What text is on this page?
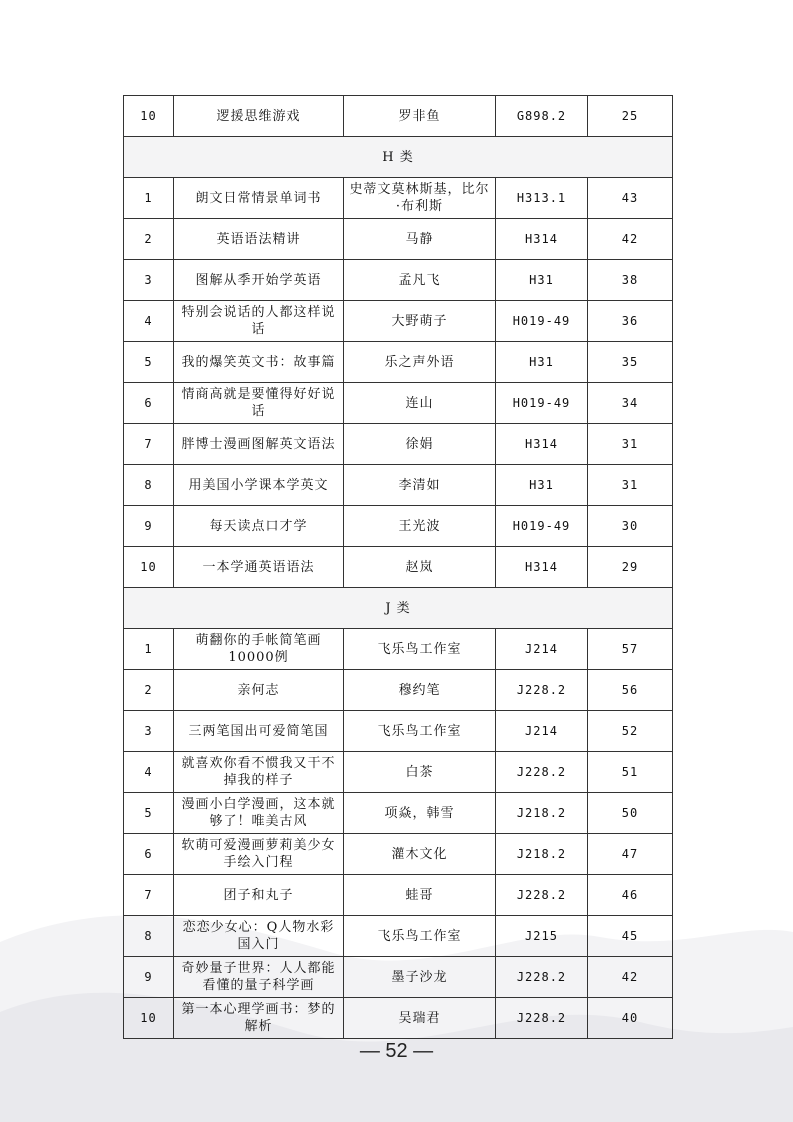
10	逻援思维游戏	罗非鱼	G898.2	25
H 类				
1	朗文日常情景单词书	史蒂文莫林斯基，比尔·布利斯	H313.1	43
2	英语语法精讲	马静	H314	42
3	图解从季开始学英语	孟凡飞	H31	38
4	特别会说话的人都这样说话	大野萌子	H019-49	36
5	我的爆笑英文书：故事篇	乐之声外语	H31	35
6	情商高就是要懂得好好说话	连山	H019-49	34
7	胖博士漫画图解英文语法	徐娟	H314	31
8	用美国小学课本学英文	李清如	H31	31
9	每天读点口才学	王光波	H019-49	30
10	一本学通英语语法	赵岚	H314	29
J 类				
1	萌翻你的手帐简笔画10000例	飞乐鸟工作室	J214	57
2	亲何志	穆约笔	J228.2	56
3	三两笔国出可爱简笔国	飞乐鸟工作室	J214	52
4	就喜欢你看不惯我又干不掉我的样子	白茶	J228.2	51
5	漫画小白学漫画，这本就够了！唯美古风	项焱，韩雪	J218.2	50
6	软萌可爱漫画萝莉美少女手绘入门程	灌木文化	J218.2	47
7	团子和丸子	蛙哥	J228.2	46
8	恋恋少女心：Q人物水彩国入门	飞乐鸟工作室	J215	45
9	奇妙量子世界：人人都能看懂的量子科学画	墨子沙龙	J228.2	42
10	第一本心理学画书：梦的解析	吴瑞君	J228.2	40
— 52 —
